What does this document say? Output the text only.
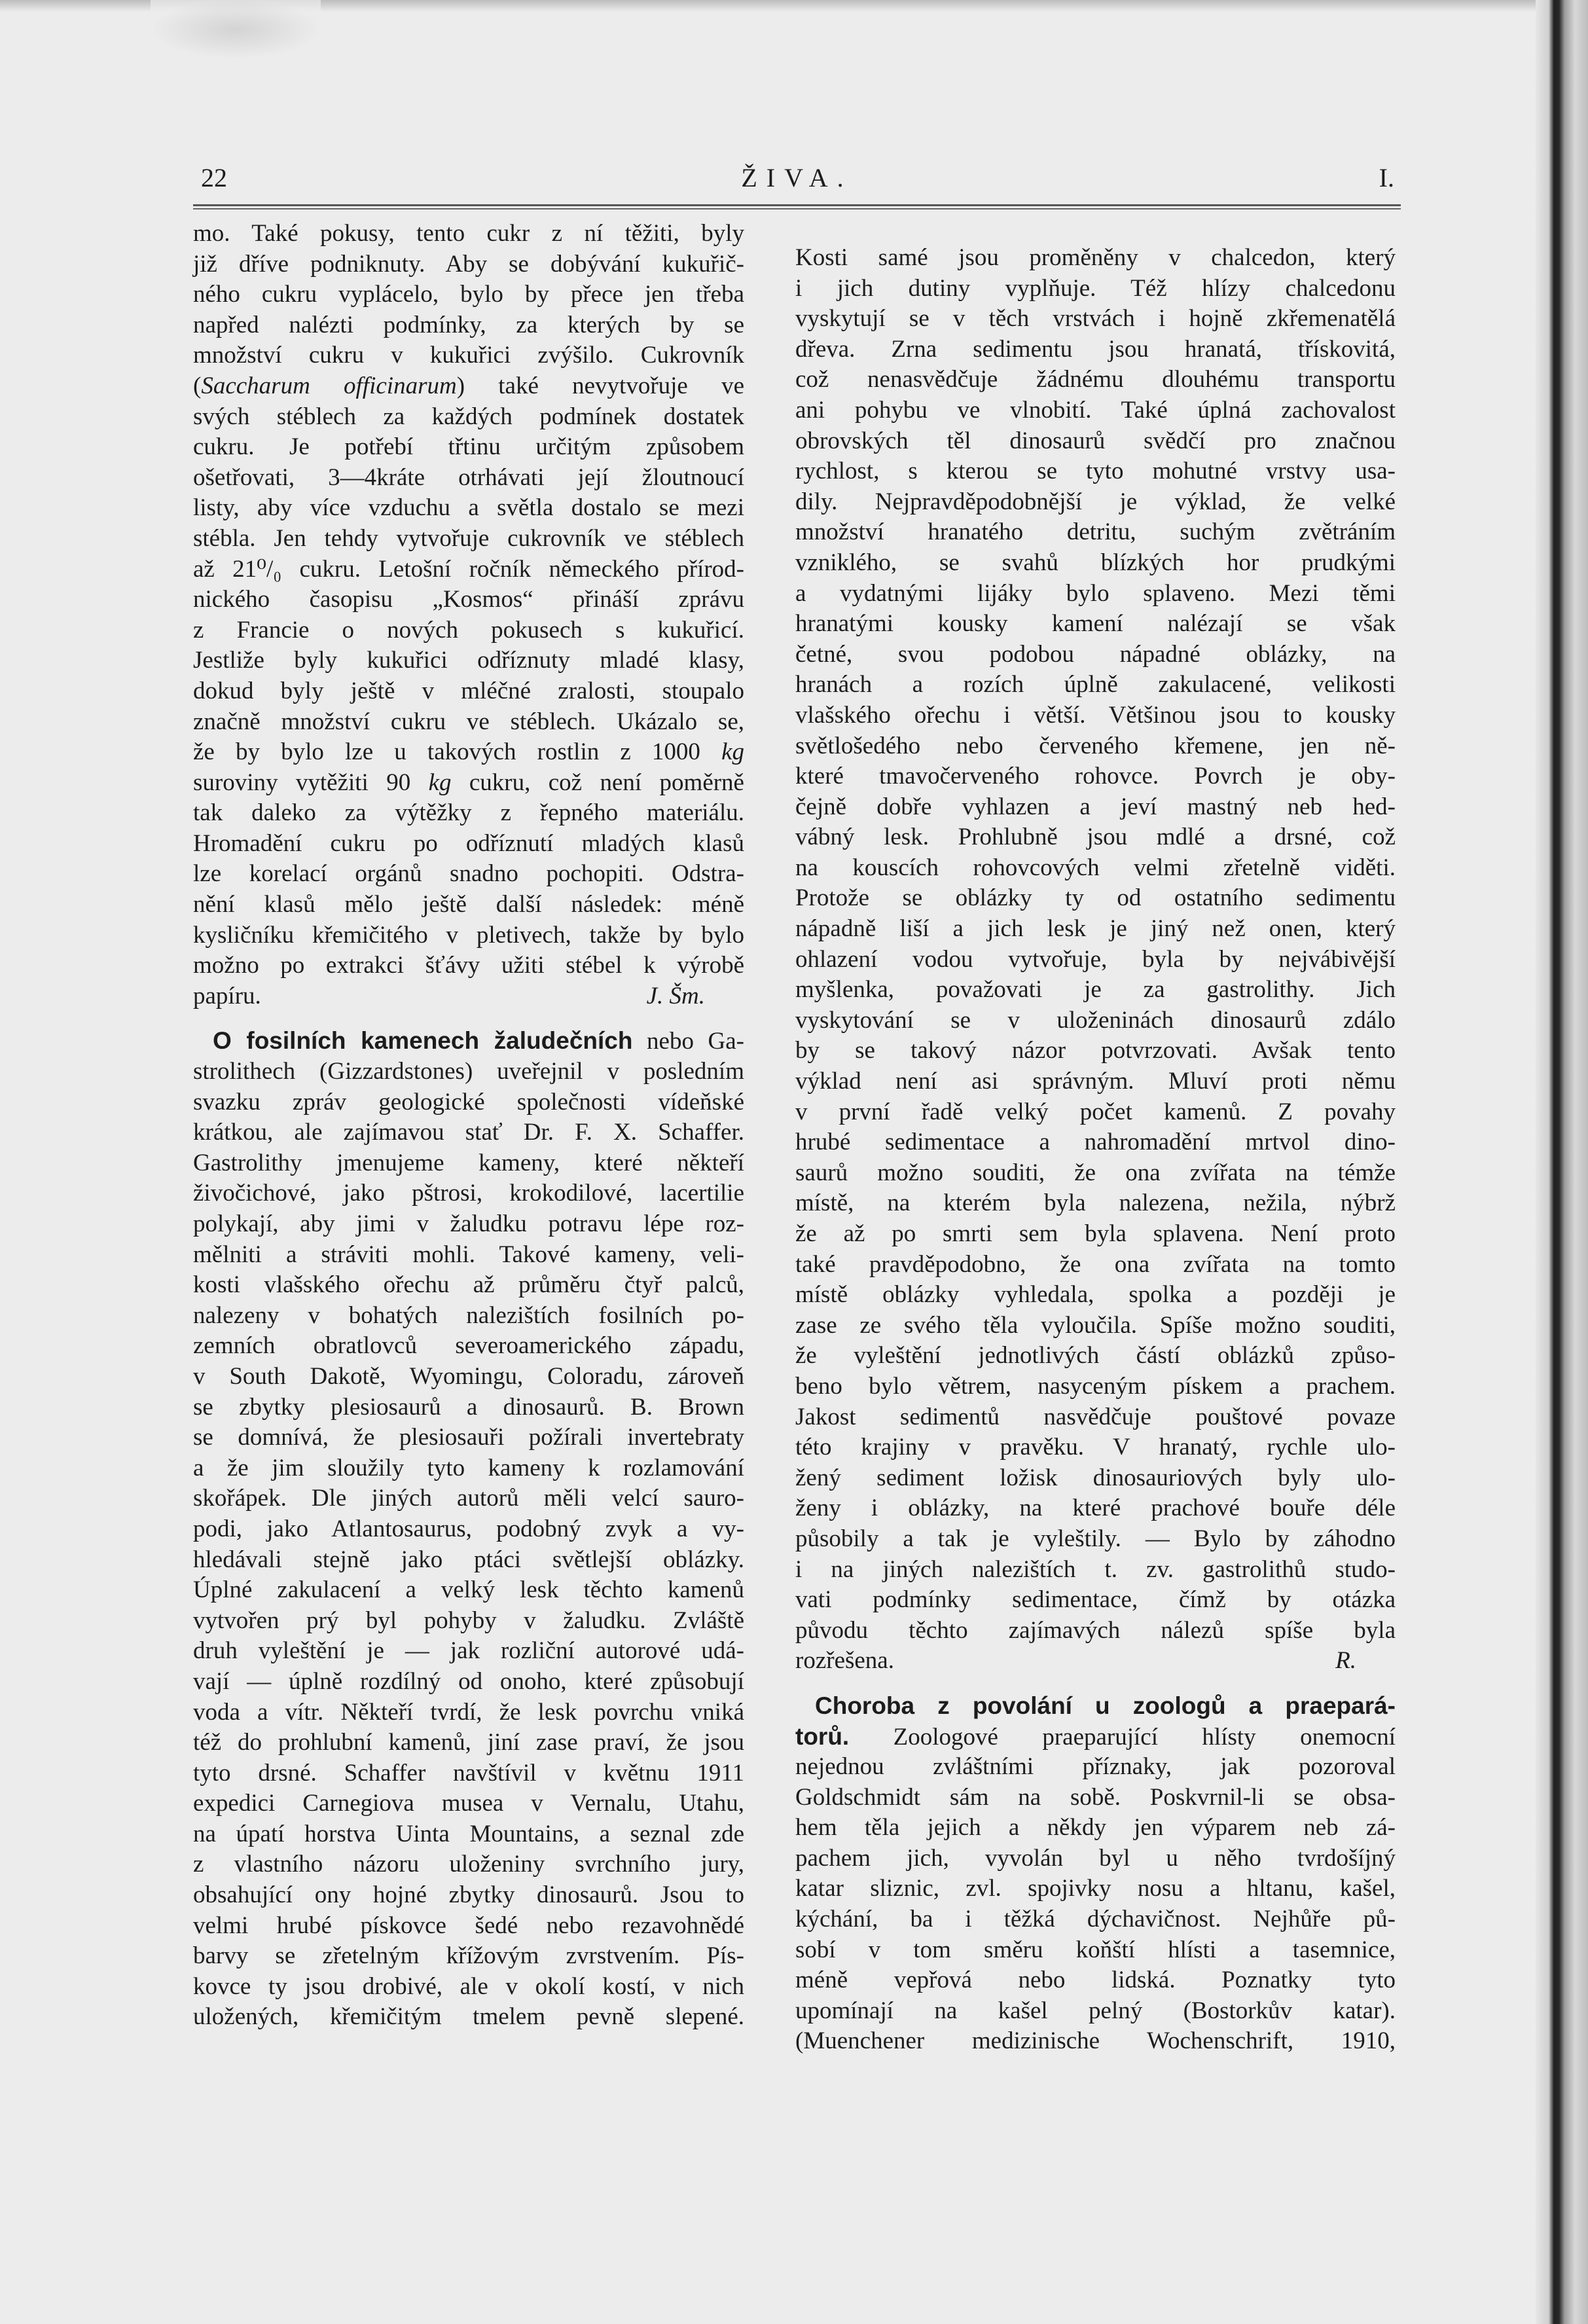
22	ŽIVA.	I.
mo. Také pokusy, tento cukr z ní těžiti, byly
již dříve podniknuty. Aby se dobývání kukuřič-
ného cukru vyplácelo, bylo by přece jen třeba
napřed nalézti podmínky, za kterých by se
množství cukru v kukuřici zvýšilo. Cukrovník
(Saccharum officinarum) také nevytvořuje ve
svých stéblech za každých podmínek dostatek
cukru. Je potřebí třtinu určitým způsobem
ošetřovati, 3—4kráte otrhávati její žloutnoucí
listy, aby více vzduchu a světla dostalo se mezi
stébla. Jen tehdy vytvořuje cukrovník ve stéblech
až 21⁰/₀ cukru. Letošní ročník německého přírod-
nického časopisu „Kosmos“ přináší zprávu
z Francie o nových pokusech s kukuřicí.
Jestliže byly kukuřici odříznuty mladé klasy,
dokud byly ještě v mléčné zralosti, stoupalo
značně množství cukru ve stéblech. Ukázalo se,
že by bylo lze u takových rostlin z 1000 kg
suroviny vytěžiti 90 kg cukru, což není poměrně
tak daleko za výtěžky z řepného materiálu.
Hromadění cukru po odříznutí mladých klasů
lze korelací orgánů snadno pochopiti. Odstra-
nění klasů mělo ještě další následek: méně
kysličníku křemičitého v pletivech, takže by bylo
možno po extrakci šťávy užiti stébel k výrobě
J. Šm.
papíru.
O fosilních kamenech žaludečních nebo Ga-
strolithech (Gizzardstones) uveřejnil v posledním
svazku zpráv geologické společnosti vídeňské
krátkou, ale zajímavou stať Dr. F. X. Schaffer.
Gastrolithy jmenujeme kameny, které někteří
živočichové, jako pštrosi, krokodilové, lacertilie
polykají, aby jimi v žaludku potravu lépe roz-
mělniti a stráviti mohli. Takové kameny, veli-
kosti vlašského ořechu až průměru čtyř palců,
nalezeny v bohatých nalezištích fosilních po-
zemních obratlovců severoamerického západu,
v South Dakotě, Wyomingu, Coloradu, zároveň
se zbytky plesiosaurů a dinosaurů. B. Brown
se domnívá, že plesiosauři požírali invertebraty
a že jim sloužily tyto kameny k rozlamování
skořápek. Dle jiných autorů měli velcí sauro-
podi, jako Atlantosaurus, podobný zvyk a vy-
hledávali stejně jako ptáci světlejší oblázky.
Úplné zakulacení a velký lesk těchto kamenů
vytvořen prý byl pohyby v žaludku. Zvláště
druh vyleštění je — jak rozliční autorové udá-
vají — úplně rozdílný od onoho, které způsobují
voda a vítr. Někteří tvrdí, že lesk povrchu vniká
též do prohlubní kamenů, jiní zase praví, že jsou
tyto drsné. Schaffer navštívil v květnu 1911
expedici Carnegiova musea v Vernalu, Utahu,
na úpatí horstva Uinta Mountains, a seznal zde
z vlastního názoru uloženiny svrchního jury,
obsahující ony hojné zbytky dinosaurů. Jsou to
velmi hrubé pískovce šedé nebo rezavohnědé
barvy se zřetelným křížovým zvrstvením. Pís-
kovce ty jsou drobivé, ale v okolí kostí, v nich
uložených, křemičitým tmelem pevně slepené.
Kosti samé jsou proměněny v chalcedon, který
i jich dutiny vyplňuje. Též hlízy chalcedonu
vyskytují se v těch vrstvách i hojně zkřemenatělá
dřeva. Zrna sedimentu jsou hranatá, třískovitá,
což nenasvědčuje žádnému dlouhému transportu
ani pohybu ve vlnobití. Také úplná zachovalost
obrovských těl dinosaurů svědčí pro značnou
rychlost, s kterou se tyto mohutné vrstvy usa-
dily. Nejpravděpodobnější je výklad, že velké
množství hranatého detritu, suchým zvětráním
vzniklého, se svahů blízkých hor prudkými
a vydatnými lijáky bylo splaveno. Mezi těmi
hranatými kousky kamení nalézají se však
četné, svou podobou nápadné oblázky, na
hranách a rozích úplně zakulacené, velikosti
vlašského ořechu i větší. Většinou jsou to kousky
světlošedého nebo červeného křemene, jen ně-
které tmavočerveného rohovce. Povrch je oby-
čejně dobře vyhlazen a jeví mastný neb hed-
vábný lesk. Prohlubně jsou mdlé a drsné, což
na kouscích rohovcových velmi zřetelně viděti.
Protože se oblázky ty od ostatního sedimentu
nápadně liší a jich lesk je jiný než onen, který
ohlazení vodou vytvořuje, byla by nejvábivější
myšlenka, považovati je za gastrolithy. Jich
vyskytování se v uloženinách dinosaurů zdálo
by se takový názor potvrzovati. Avšak tento
výklad není asi správným. Mluví proti němu
v první řadě velký počet kamenů. Z povahy
hrubé sedimentace a nahromadění mrtvol dino-
saurů možno souditi, že ona zvířata na témže
místě, na kterém byla nalezena, nežila, nýbrž
že až po smrti sem byla splavena. Není proto
také pravděpodobno, že ona zvířata na tomto
místě oblázky vyhledala, spolka a později je
zase ze svého těla vyloučila. Spíše možno souditi,
že vyleštění jednotlivých částí oblázků způso-
beno bylo větrem, nasyceným pískem a prachem.
Jakost sedimentů nasvědčuje pouštové povaze
této krajiny v pravěku. V hranatý, rychle ulo-
žený sediment ložisk dinosauriových byly ulo-
ženy i oblázky, na které prachové bouře déle
působily a tak je vyleštily. — Bylo by záhodno
i na jiných nalezištích t. zv. gastrolithů studo-
vati podmínky sedimentace, čímž by otázka
původu těchto zajímavých nálezů spíše byla
R.
rozřešena.
Choroba z povolání u zoologů a praepará-
torů. Zoologové praeparující hlísty onemocní
nejednou zvláštními příznaky, jak pozoroval
Goldschmidt sám na sobě. Poskvrnil-li se obsa-
hem těla jejich a někdy jen výparem neb zá-
pachem jich, vyvolán byl u něho tvrdošíjný
katar sliznic, zvl. spojivky nosu a hltanu, kašel,
kýchání, ba i těžká dýchavičnost. Nejhůře pů-
sobí v tom směru koňští hlísti a tasemnice,
méně vepřová nebo lidská. Poznatky tyto
upomínají na kašel pelný (Bostorkův katar).
(Muenchener medizinische Wochenschrift, 1910,
